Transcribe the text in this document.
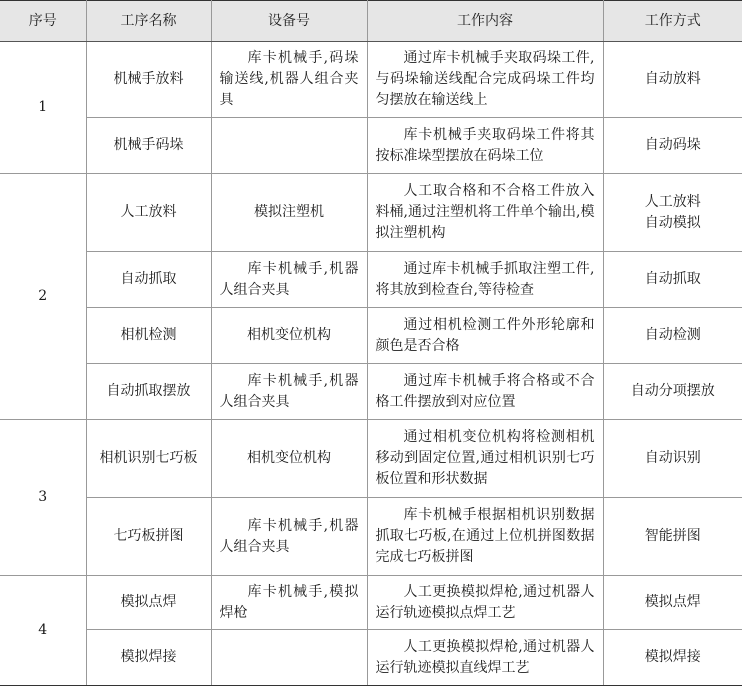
序号	工序名称	设备号	工作内容	工作方式
1	机械手放料	库卡机械手,码垛输送线,机器人组合夹具	通过库卡机械手夹取码垛工件,与码垛输送线配合完成码垛工件均匀摆放在输送线上	自动放料
	机械手码垛		库卡机械手夹取码垛工件将其按标准垛型摆放在码垛工位	自动码垛
2	人工放料	模拟注塑机	人工取合格和不合格工件放入料桶,通过注塑机将工件单个输出,模拟注塑机构	人工放料 自动模拟
	自动抓取	库卡机械手,机器人组合夹具	通过库卡机械手抓取注塑工件,将其放到检查台,等待检查	自动抓取
	相机检测	相机变位机构	通过相机检测工件外形轮廓和颜色是否合格	自动检测
	自动抓取摆放	库卡机械手,机器人组合夹具	通过库卡机械手将合格或不合格工件摆放到对应位置	自动分项摆放
3	相机识别七巧板	相机变位机构	通过相机变位机构将检测相机移动到固定位置,通过相机识别七巧板位置和形状数据	自动识别
	七巧板拼图	库卡机械手,机器人组合夹具	库卡机械手根据相机识别数据抓取七巧板,在通过上位机拼图数据完成七巧板拼图	智能拼图
4	模拟点焊	库卡机械手,模拟焊枪	人工更换模拟焊枪,通过机器人运行轨迹模拟点焊工艺	模拟点焊
	模拟焊接		人工更换模拟焊枪,通过机器人运行轨迹模拟直线焊工艺	模拟焊接
